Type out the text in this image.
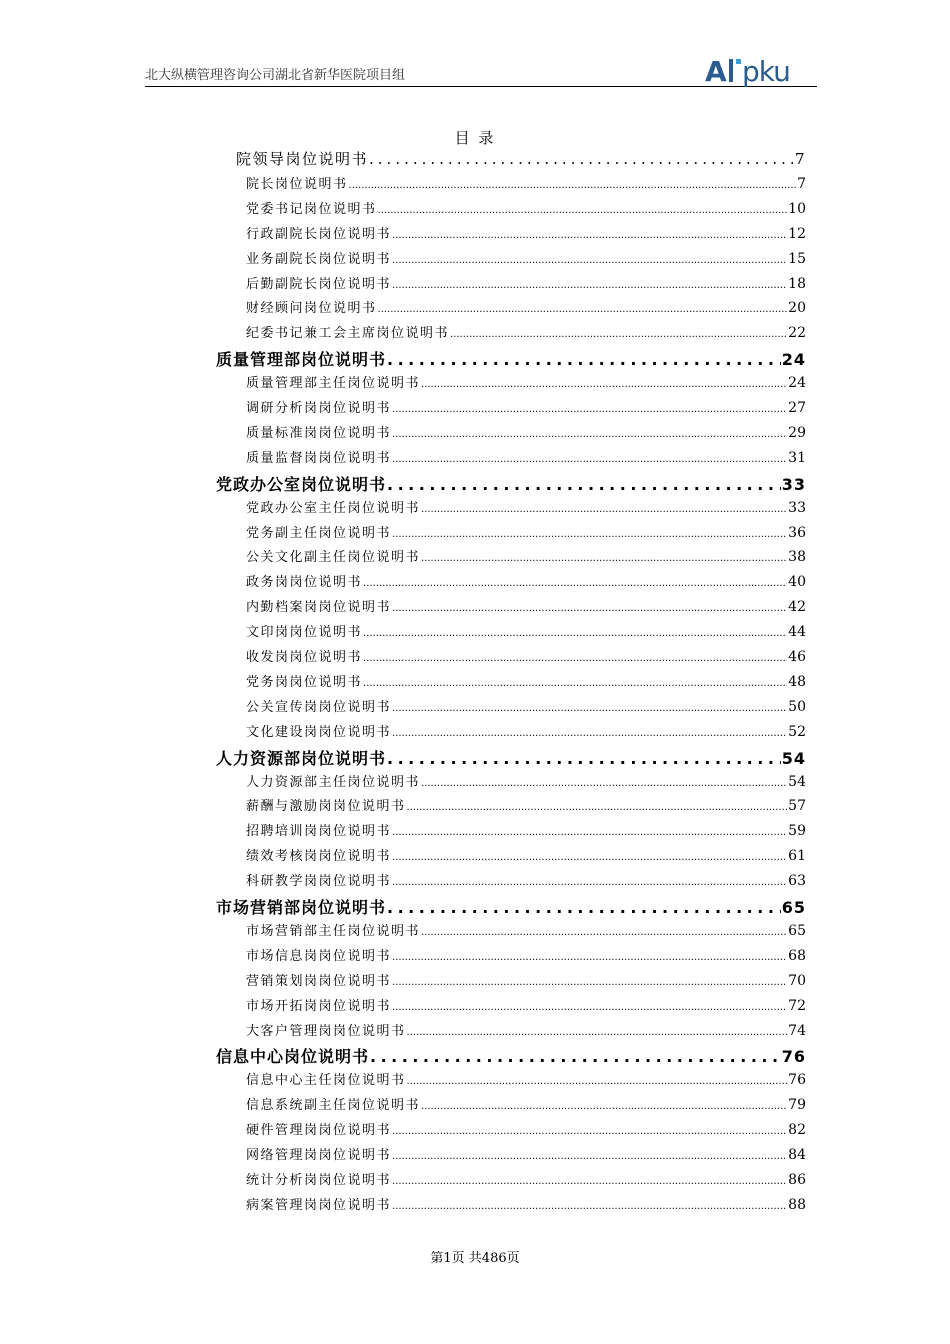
北大纵横管理咨询公司湖北省新华医院项目组	A pku
目 录
院领导岗位说明书 .....	7
院长岗位说明书 .....	7
党委书记岗位说明书 .....	10
行政副院长岗位说明书 .....	12
业务副院长岗位说明书 .....	15
后勤副院长岗位说明书 .....	18
财经顾问岗位说明书 .....	20
纪委书记兼工会主席岗位说明书 .....	22
质量管理部岗位说明书 .....	24
质量管理部主任岗位说明书 .....	24
调研分析岗岗位说明书 .....	27
质量标准岗岗位说明书 .....	29
质量监督岗岗位说明书 .....	31
党政办公室岗位说明书 .....	33
党政办公室主任岗位说明书 .....	33
党务副主任岗位说明书 .....	36
公关文化副主任岗位说明书 .....	38
政务岗岗位说明书 .....	40
内勤档案岗岗位说明书 .....	42
文印岗岗位说明书 .....	44
收发岗岗位说明书 .....	46
党务岗岗位说明书 .....	48
公关宣传岗岗位说明书 .....	50
文化建设岗岗位说明书 .....	52
人力资源部岗位说明书 .....	54
人力资源部主任岗位说明书 .....	54
薪酬与激励岗岗位说明书 .....	57
招聘培训岗岗位说明书 .....	59
绩效考核岗岗位说明书 .....	61
科研教学岗岗位说明书 .....	63
市场营销部岗位说明书 .....	65
市场营销部主任岗位说明书 .....	65
市场信息岗岗位说明书 .....	68
营销策划岗岗位说明书 .....	70
市场开拓岗岗位说明书 .....	72
大客户管理岗岗位说明书 .....	74
信息中心岗位说明书 .....	76
信息中心主任岗位说明书 .....	76
信息系统副主任岗位说明书 .....	79
硬件管理岗岗位说明书 .....	82
网络管理岗岗位说明书 .....	84
统计分析岗岗位说明书 .....	86
病案管理岗岗位说明书 .....	88
第1页 共486页
